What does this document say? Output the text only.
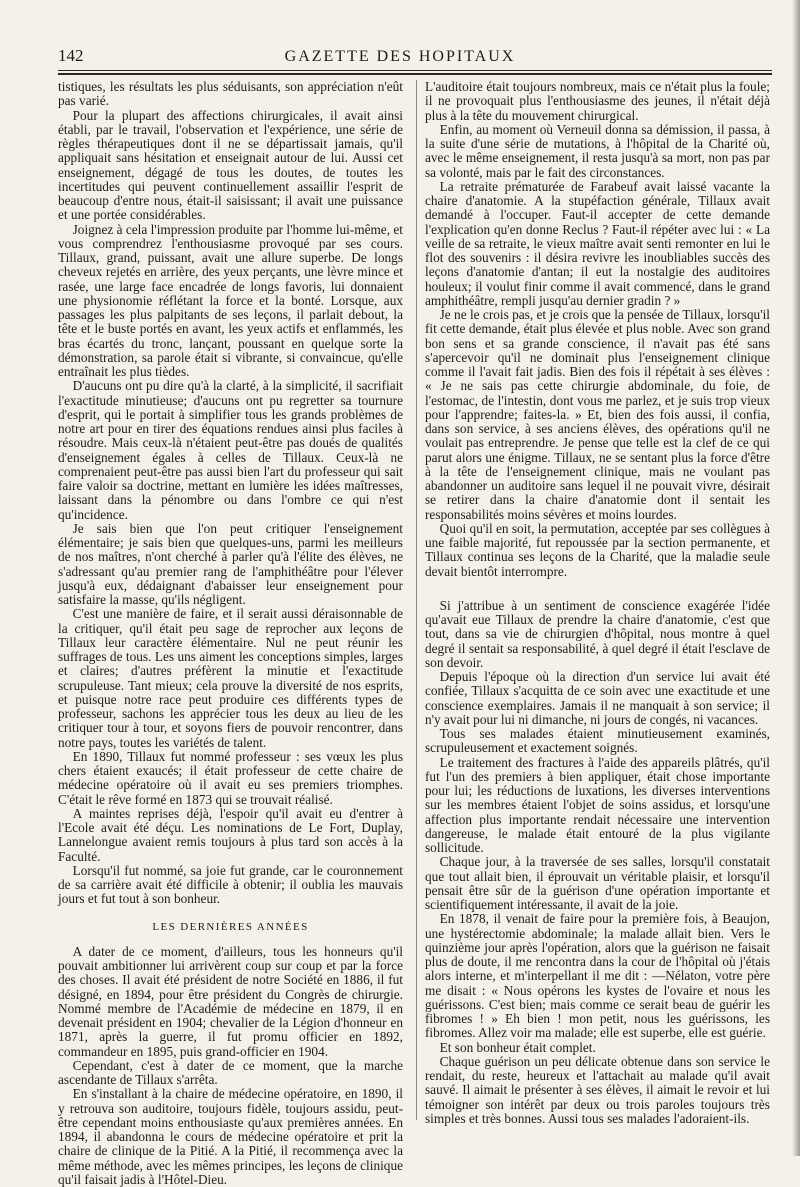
142	GAZETTE DES HOPITAUX

tistiques, les résultats les plus séduisants, son appréciation n'eût pas varié.

Pour la plupart des affections chirurgicales, il avait ainsi établi, par le travail, l'observation et l'expérience, une série de règles thérapeutiques dont il ne se départissait jamais, qu'il appliquait sans hésitation et enseignait autour de lui. Aussi cet enseignement, dégagé de tous les doutes, de toutes les incertitudes qui peuvent continuellement assaillir l'esprit de beaucoup d'entre nous, était-il saisissant; il avait une puissance et une portée considérables.

Joignez à cela l'impression produite par l'homme lui-même, et vous comprendrez l'enthousiasme provoqué par ses cours. Tillaux, grand, puissant, avait une allure superbe. De longs cheveux rejetés en arrière, des yeux perçants, une lèvre mince et rasée, une large face encadrée de longs favoris, lui donnaient une physionomie réflétant la force et la bonté. Lorsque, aux passages les plus palpitants de ses leçons, il parlait debout, la tête et le buste portés en avant, les yeux actifs et enflammés, les bras écartés du tronc, lançant, poussant en quelque sorte la démonstration, sa parole était si vibrante, si convaincue, qu'elle entraînait les plus tièdes.

D'aucuns ont pu dire qu'à la clarté, à la simplicité, il sacrifiait l'exactitude minutieuse; d'aucuns ont pu regretter sa tournure d'esprit, qui le portait à simplifier tous les grands problèmes de notre art pour en tirer des équations rendues ainsi plus faciles à résoudre. Mais ceux-là n'étaient peut-être pas doués de qualités d'enseignement égales à celles de Tillaux. Ceux-là ne comprenaient peut-être pas aussi bien l'art du professeur qui sait faire valoir sa doctrine, mettant en lumière les idées maîtresses, laissant dans la pénombre ou dans l'ombre ce qui n'est qu'incidence.

Je sais bien que l'on peut critiquer l'enseignement élémentaire; je sais bien que quelques-uns, parmi les meilleurs de nos maîtres, n'ont cherché à parler qu'à l'élite des élèves, ne s'adressant qu'au premier rang de l'amphithéâtre pour l'élever jusqu'à eux, dédaignant d'abaisser leur enseignement pour satisfaire la masse, qu'ils négligent.

C'est une manière de faire, et il serait aussi déraisonnable de la critiquer, qu'il était peu sage de reprocher aux leçons de Tillaux leur caractère élémentaire. Nul ne peut réunir les suffrages de tous. Les uns aiment les conceptions simples, larges et claires; d'autres préfèrent la minutie et l'exactitude scrupuleuse. Tant mieux; cela prouve la diversité de nos esprits, et puisque notre race peut produire ces différents types de professeur, sachons les apprécier tous les deux au lieu de les critiquer tour à tour, et soyons fiers de pouvoir rencontrer, dans notre pays, toutes les variétés de talent.

En 1890, Tillaux fut nommé professeur : ses vœux les plus chers étaient exaucés; il était professeur de cette chaire de médecine opératoire où il avait eu ses premiers triomphes. C'était le rêve formé en 1873 qui se trouvait réalisé.

A maintes reprises déjà, l'espoir qu'il avait eu d'entrer à l'Ecole avait été déçu. Les nominations de Le Fort, Duplay, Lannelongue avaient remis toujours à plus tard son accès à la Faculté.

Lorsqu'il fut nommé, sa joie fut grande, car le couronnement de sa carrière avait été difficile à obtenir; il oublia les mauvais jours et fut tout à son bonheur.

LES DERNIÈRES ANNÉES

A dater de ce moment, d'ailleurs, tous les honneurs qu'il pouvait ambitionner lui arrivèrent coup sur coup et par la force des choses. Il avait été président de notre Société en 1886, il fut désigné, en 1894, pour être président du Congrès de chirurgie. Nommé membre de l'Académie de médecine en 1879, il en devenait président en 1904; chevalier de la Légion d'honneur en 1871, après la guerre, il fut promu officier en 1892, commandeur en 1895, puis grand-officier en 1904.

Cependant, c'est à dater de ce moment, que la marche ascendante de Tillaux s'arrêta.

En s'installant à la chaire de médecine opératoire, en 1890, il y retrouva son auditoire, toujours fidèle, toujours assidu, peut-être cependant moins enthousiaste qu'aux premières années. En 1894, il abandonna le cours de médecine opératoire et prit la chaire de clinique de la Pitié. A la Pitié, il recommença avec la même méthode, avec les mêmes principes, les leçons de clinique qu'il faisait jadis à l'Hôtel-Dieu.

L'auditoire était toujours nombreux, mais ce n'était plus la foule; il ne provoquait plus l'enthousiasme des jeunes, il n'était déjà plus à la tête du mouvement chirurgical.

Enfin, au moment où Verneuil donna sa démission, il passa, à la suite d'une série de mutations, à l'hôpital de la Charité où, avec le même enseignement, il resta jusqu'à sa mort, non pas par sa volonté, mais par le fait des circonstances.

La retraite prématurée de Farabeuf avait laissé vacante la chaire d'anatomie. A la stupéfaction générale, Tillaux avait demandé à l'occuper. Faut-il accepter de cette demande l'explication qu'en donne Reclus ? Faut-il répéter avec lui : « La veille de sa retraite, le vieux maître avait senti remonter en lui le flot des souvenirs : il désira revivre les inoubliables succès des leçons d'anatomie d'antan; il eut la nostalgie des auditoires houleux; il voulut finir comme il avait commencé, dans le grand amphithéâtre, rempli jusqu'au dernier gradin ? »

Je ne le crois pas, et je crois que la pensée de Tillaux, lorsqu'il fit cette demande, était plus élevée et plus noble. Avec son grand bon sens et sa grande conscience, il n'avait pas été sans s'apercevoir qu'il ne dominait plus l'enseignement clinique comme il l'avait fait jadis. Bien des fois il répétait à ses élèves : « Je ne sais pas cette chirurgie abdominale, du foie, de l'estomac, de l'intestin, dont vous me parlez, et je suis trop vieux pour l'apprendre; faites-la. » Et, bien des fois aussi, il confia, dans son service, à ses anciens élèves, des opérations qu'il ne voulait pas entreprendre. Je pense que telle est la clef de ce qui parut alors une énigme. Tillaux, ne se sentant plus la force d'être à la tête de l'enseignement clinique, mais ne voulant pas abandonner un auditoire sans lequel il ne pouvait vivre, désirait se retirer dans la chaire d'anatomie dont il sentait les responsabilités moins sévères et moins lourdes.

Quoi qu'il en soit, la permutation, acceptée par ses collègues à une faible majorité, fut repoussée par la section permanente, et Tillaux continua ses leçons de la Charité, que la maladie seule devait bientôt interrompre.

Si j'attribue à un sentiment de conscience exagérée l'idée qu'avait eue Tillaux de prendre la chaire d'anatomie, c'est que tout, dans sa vie de chirurgien d'hôpital, nous montre à quel degré il sentait sa responsabilité, à quel degré il était l'esclave de son devoir.

Depuis l'époque où la direction d'un service lui avait été confiée, Tillaux s'acquitta de ce soin avec une exactitude et une conscience exemplaires. Jamais il ne manquait à son service; il n'y avait pour lui ni dimanche, ni jours de congés, ni vacances.

Tous ses malades étaient minutieusement examinés, scrupuleusement et exactement soignés.

Le traitement des fractures à l'aide des appareils plâtrés, qu'il fut l'un des premiers à bien appliquer, était chose importante pour lui; les réductions de luxations, les diverses interventions sur les membres étaient l'objet de soins assidus, et lorsqu'une affection plus importante rendait nécessaire une intervention dangereuse, le malade était entouré de la plus vigilante sollicitude.

Chaque jour, à la traversée de ses salles, lorsqu'il constatait que tout allait bien, il éprouvait un véritable plaisir, et lorsqu'il pensait être sûr de la guérison d'une opération importante et scientifiquement intéressante, il avait de la joie.

En 1878, il venait de faire pour la première fois, à Beaujon, une hystérectomie abdominale; la malade allait bien. Vers le quinzième jour après l'opération, alors que la guérison ne faisait plus de doute, il me rencontra dans la cour de l'hôpital où j'étais alors interne, et m'interpellant il me dit : —Nélaton, votre père me disait : « Nous opérons les kystes de l'ovaire et nous les guérissons. C'est bien; mais comme ce serait beau de guérir les fibromes ! » Eh bien ! mon petit, nous les guérissons, les fibromes. Allez voir ma malade; elle est superbe, elle est guérie.

Et son bonheur était complet.

Chaque guérison un peu délicate obtenue dans son service le rendait, du reste, heureux et l'attachait au malade qu'il avait sauvé. Il aimait le présenter à ses élèves, il aimait le revoir et lui témoigner son intérêt par deux ou trois paroles toujours très simples et très bonnes. Aussi tous ses malades l'adoraient-ils.
